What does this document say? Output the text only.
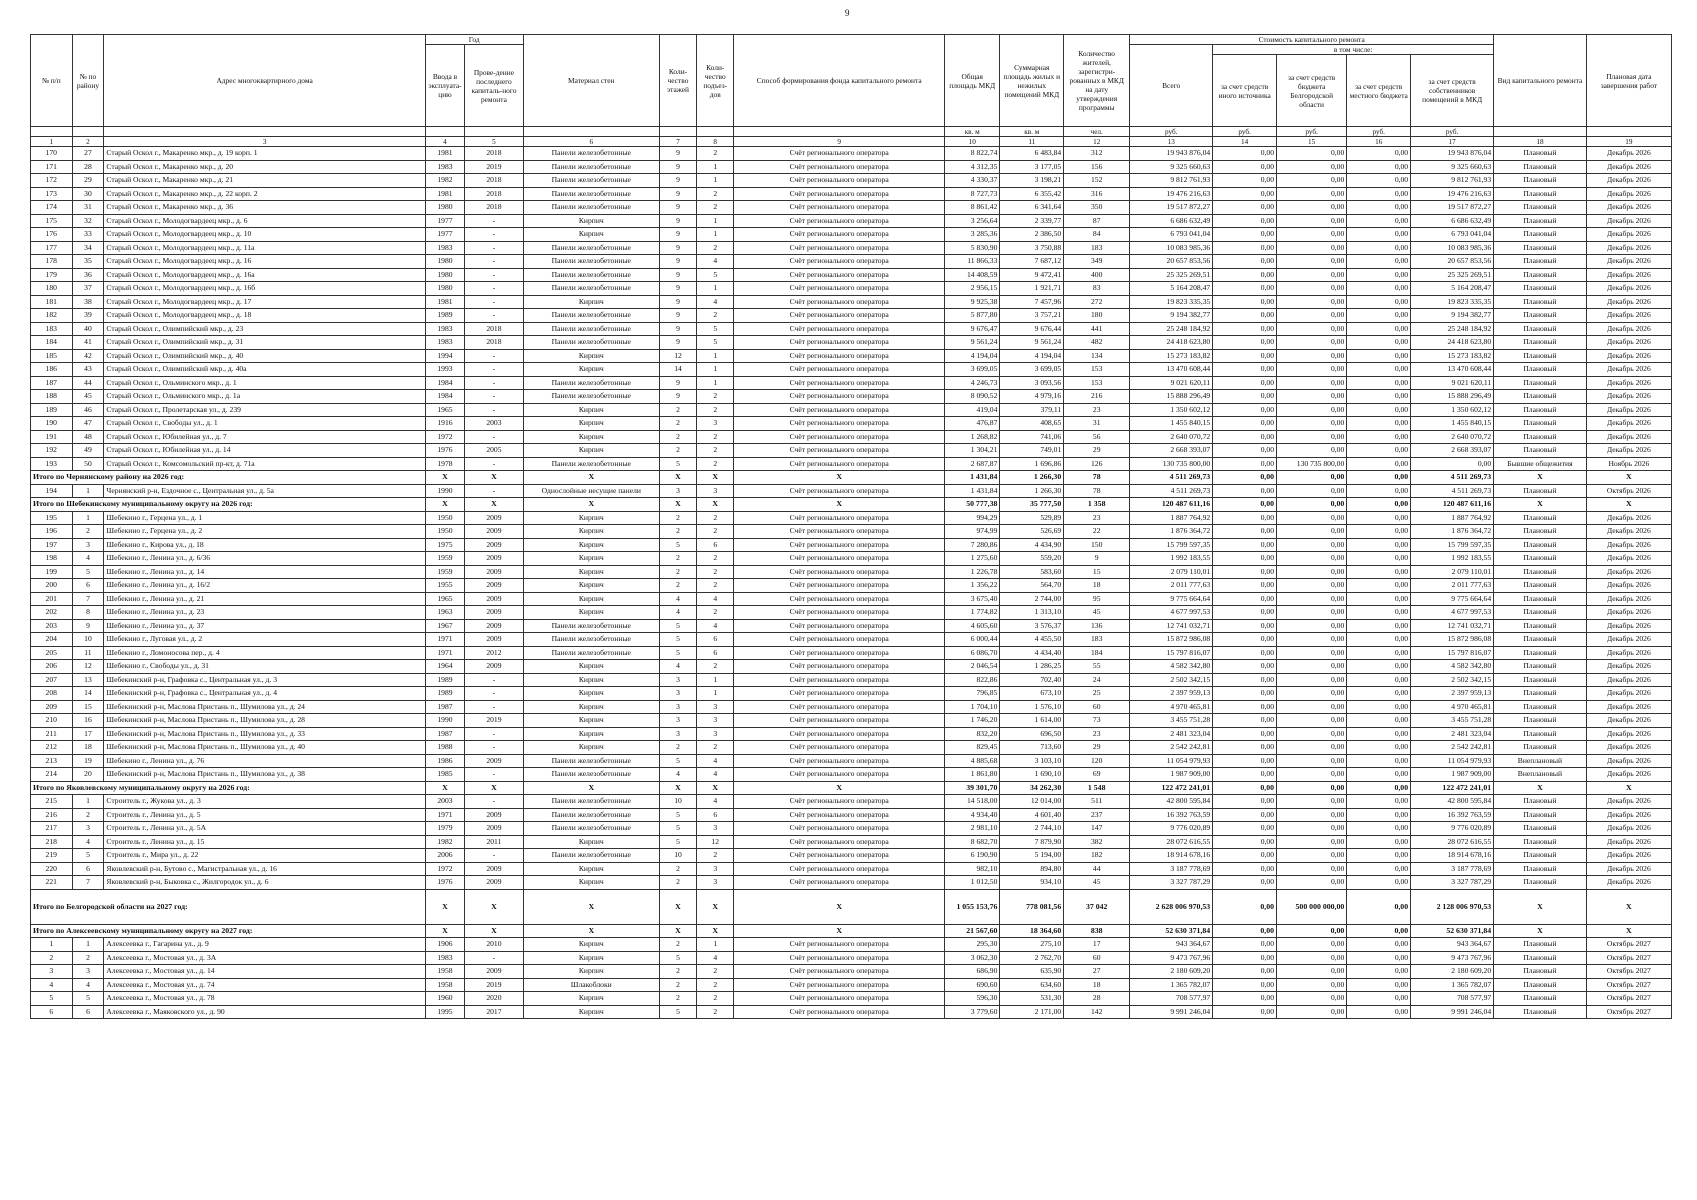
9
№ п/п	№ по району	Адрес многоквартирного дома	Год		Материал стен	Коли-чество этажей	Коли-чество подъез-дов	Способ формирования фонда капитального ремонта	Общая площадь МКД	Суммарная площадь жилых и нежилых помещений МКД	Количество жителей, зарегистри-рованных в МКД на дату утверждения программы	Стоимость капитального ремонта					Вид капитального ремонта	Плановая дата завершения работ
			Ввода в эксплуата-цию	Прове-дение последнего капиталь-ного ремонта								Всего	в том числе:					
													за счет средств иного источника	за счет средств бюджета Белгородской области	за счет средств местного бюджета	за счет средств собственников помещений в МКД		
									кв. м	кв. м	чел.	руб.	руб.	руб.	руб.	руб.		
1	2	3	4	5	6	7	8	9	10	11	12	13	14	15	16	17	18	19
170	27	Старый Оскол г., Макаренко мкр., д. 19 корп. 1	1981	2018	Панели железобетонные	9	2	Счёт регионального оператора	8 822,74	6 483,84	312	19 943 876,04	0,00	0,00	0,00	19 943 876,04	Плановый	Декабрь 2026
171	28	Старый Оскол г., Макаренко мкр., д. 20	1983	2019	Панели железобетонные	9	1	Счёт регионального оператора	4 312,35	3 177,05	156	9 325 660,63	0,00	0,00	0,00	9 325 660,63	Плановый	Декабрь 2026
172	29	Старый Оскол г., Макаренко мкр., д. 21	1982	2018	Панели железобетонные	9	1	Счёт регионального оператора	4 330,37	3 198,21	152	9 812 761,93	0,00	0,00	0,00	9 812 761,93	Плановый	Декабрь 2026
173	30	Старый Оскол г., Макаренко мкр., д. 22 корп. 2	1981	2018	Панели железобетонные	9	2	Счёт регионального оператора	8 727,73	6 355,42	316	19 476 216,63	0,00	0,00	0,00	19 476 216,63	Плановый	Декабрь 2026
174	31	Старый Оскол г., Макаренко мкр., д. 36	1980	2018	Панели железобетонные	9	2	Счёт регионального оператора	8 861,42	6 341,64	350	19 517 872,27	0,00	0,00	0,00	19 517 872,27	Плановый	Декабрь 2026
175	32	Старый Оскол г., Молодогвардеец мкр., д. 6	1977	-	Кирпич	9	1	Счёт регионального оператора	3 256,64	2 339,77	87	6 686 632,49	0,00	0,00	0,00	6 686 632,49	Плановый	Декабрь 2026
176	33	Старый Оскол г., Молодогвардеец мкр., д. 10	1977	-	Кирпич	9	1	Счёт регионального оператора	3 285,36	2 386,50	84	6 793 041,04	0,00	0,00	0,00	6 793 041,04	Плановый	Декабрь 2026
177	34	Старый Оскол г., Молодогвардеец мкр., д. 11а	1983	-	Панели железобетонные	9	2	Счёт регионального оператора	5 830,90	3 750,88	183	10 083 985,36	0,00	0,00	0,00	10 083 985,36	Плановый	Декабрь 2026
178	35	Старый Оскол г., Молодогвардеец мкр., д. 16	1980	-	Панели железобетонные	9	4	Счёт регионального оператора	11 866,33	7 687,12	349	20 657 853,56	0,00	0,00	0,00	20 657 853,56	Плановый	Декабрь 2026
179	36	Старый Оскол г., Молодогвардеец мкр., д. 16а	1980	-	Панели железобетонные	9	5	Счёт регионального оператора	14 408,59	9 472,41	400	25 325 269,51	0,00	0,00	0,00	25 325 269,51	Плановый	Декабрь 2026
180	37	Старый Оскол г., Молодогвардеец мкр., д. 16б	1980	-	Панели железобетонные	9	1	Счёт регионального оператора	2 956,15	1 921,71	83	5 164 208,47	0,00	0,00	0,00	5 164 208,47	Плановый	Декабрь 2026
181	38	Старый Оскол г., Молодогвардеец мкр., д. 17	1981	-	Кирпич	9	4	Счёт регионального оператора	9 925,38	7 457,96	272	19 823 335,35	0,00	0,00	0,00	19 823 335,35	Плановый	Декабрь 2026
182	39	Старый Оскол г., Молодогвардеец мкр., д. 18	1989	-	Панели железобетонные	9	2	Счёт регионального оператора	5 877,80	3 757,21	180	9 194 382,77	0,00	0,00	0,00	9 194 382,77	Плановый	Декабрь 2026
183	40	Старый Оскол г., Олимпийский мкр., д. 23	1983	2018	Панели железобетонные	9	5	Счёт регионального оператора	9 676,47	9 676,44	441	25 248 184,92	0,00	0,00	0,00	25 248 184,92	Плановый	Декабрь 2026
184	41	Старый Оскол г., Олимпийский мкр., д. 31	1983	2018	Панели железобетонные	9	5	Счёт регионального оператора	9 561,24	9 561,24	482	24 418 623,80	0,00	0,00	0,00	24 418 623,80	Плановый	Декабрь 2026
185	42	Старый Оскол г., Олимпийский мкр., д. 40	1994	-	Кирпич	12	1	Счёт регионального оператора	4 194,04	4 194,04	134	15 273 183,82	0,00	0,00	0,00	15 273 183,82	Плановый	Декабрь 2026
186	43	Старый Оскол г., Олимпийский мкр., д. 40а	1993	-	Кирпич	14	1	Счёт регионального оператора	3 699,05	3 699,05	153	13 470 608,44	0,00	0,00	0,00	13 470 608,44	Плановый	Декабрь 2026
187	44	Старый Оскол г., Ольминского мкр., д. 1	1984	-	Панели железобетонные	9	1	Счёт регионального оператора	4 246,73	3 093,56	153	9 021 620,11	0,00	0,00	0,00	9 021 620,11	Плановый	Декабрь 2026
188	45	Старый Оскол г., Ольминского мкр., д. 1а	1984	-	Панели железобетонные	9	2	Счёт регионального оператора	8 090,52	4 979,16	216	15 888 296,49	0,00	0,00	0,00	15 888 296,49	Плановый	Декабрь 2026
189	46	Старый Оскол г., Пролетарская ул., д. 239	1965	-	Кирпич	2	2	Счёт регионального оператора	419,04	379,11	23	1 350 602,12	0,00	0,00	0,00	1 350 602,12	Плановый	Декабрь 2026
190	47	Старый Оскол г., Свободы ул., д. 1	1916	2003	Кирпич	2	3	Счёт регионального оператора	476,87	408,65	31	1 455 840,15	0,00	0,00	0,00	1 455 840,15	Плановый	Декабрь 2026
191	48	Старый Оскол г., Юбилейная ул., д. 7	1972	-	Кирпич	2	2	Счёт регионального оператора	1 268,82	741,06	56	2 640 070,72	0,00	0,00	0,00	2 640 070,72	Плановый	Декабрь 2026
192	49	Старый Оскол г., Юбилейная ул., д. 14	1976	2005	Кирпич	2	2	Счёт регионального оператора	1 304,21	749,01	29	2 668 393,07	0,00	0,00	0,00	2 668 393,07	Плановый	Декабрь 2026
193	50	Старый Оскол г., Комсомольский пр-кт, д. 71а	1978	-	Панели железобетонные	5	2	Счёт регионального оператора	2 687,87	1 696,86	126	130 735 800,00	0,00	130 735 800,00	0,00	0,00	Бывшие общежития	Ноябрь 2026
Итого по Чернянскому району на 2026 год:			X	X	X	X	X	X	1 431,84	1 266,30	78	4 511 269,73	0,00	0,00	0,00	4 511 269,73	X	X
194	1	Чернянский р-н, Ездочное с., Центральная ул., д. 5а	1990	-	Однослойные несущие панели	3	3	Счёт регионального оператора	1 431,84	1 266,30	78	4 511 269,73	0,00	0,00	0,00	4 511 269,73	Плановый	Октябрь 2026
Итого по Шебекинскому муниципальному округу на 2026 год:			X	X	X	X	X	X	50 777,38	35 777,50	1 358	120 487 611,16	0,00	0,00	0,00	120 487 611,16	X	X
195	1	Шебекино г., Герцена ул., д. 1	1950	2009	Кирпич	2	2	Счёт регионального оператора	994,29	529,89	23	1 887 764,92	0,00	0,00	0,00	1 887 764,92	Плановый	Декабрь 2026
196	2	Шебекино г., Герцена ул., д. 2	1950	2009	Кирпич	2	2	Счёт регионального оператора	974,99	526,69	22	1 876 364,72	0,00	0,00	0,00	1 876 364,72	Плановый	Декабрь 2026
197	3	Шебекино г., Кирова ул., д. 18	1975	2009	Кирпич	5	6	Счёт регионального оператора	7 280,86	4 434,90	150	15 799 597,35	0,00	0,00	0,00	15 799 597,35	Плановый	Декабрь 2026
198	4	Шебекино г., Ленина ул., д. 6/36	1959	2009	Кирпич	2	2	Счёт регионального оператора	1 275,60	559,20	9	1 992 183,55	0,00	0,00	0,00	1 992 183,55	Плановый	Декабрь 2026
199	5	Шебекино г., Ленина ул., д. 14	1959	2009	Кирпич	2	2	Счёт регионального оператора	1 226,78	583,60	15	2 079 110,01	0,00	0,00	0,00	2 079 110,01	Плановый	Декабрь 2026
200	6	Шебекино г., Ленина ул., д. 16/2	1955	2009	Кирпич	2	2	Счёт регионального оператора	1 356,22	564,70	18	2 011 777,63	0,00	0,00	0,00	2 011 777,63	Плановый	Декабрь 2026
201	7	Шебекино г., Ленина ул., д. 21	1965	2009	Кирпич	4	4	Счёт регионального оператора	3 675,40	2 744,00	95	9 775 664,64	0,00	0,00	0,00	9 775 664,64	Плановый	Декабрь 2026
202	8	Шебекино г., Ленина ул., д. 23	1963	2009	Кирпич	4	2	Счёт регионального оператора	1 774,82	1 313,10	45	4 677 997,53	0,00	0,00	0,00	4 677 997,53	Плановый	Декабрь 2026
203	9	Шебекино г., Ленина ул., д. 37	1967	2009	Панели железобетонные	5	4	Счёт регионального оператора	4 605,60	3 576,37	136	12 741 032,71	0,00	0,00	0,00	12 741 032,71	Плановый	Декабрь 2026
204	10	Шебекино г., Луговая ул., д. 2	1971	2009	Панели железобетонные	5	6	Счёт регионального оператора	6 000,44	4 455,50	183	15 872 986,08	0,00	0,00	0,00	15 872 986,08	Плановый	Декабрь 2026
205	11	Шебекино г., Ломоносова пер., д. 4	1971	2012	Панели железобетонные	5	6	Счёт регионального оператора	6 086,70	4 434,40	184	15 797 816,07	0,00	0,00	0,00	15 797 816,07	Плановый	Декабрь 2026
206	12	Шебекино г., Свободы ул., д. 31	1964	2009	Кирпич	4	2	Счёт регионального оператора	2 046,54	1 286,25	55	4 582 342,80	0,00	0,00	0,00	4 582 342,80	Плановый	Декабрь 2026
207	13	Шебекинский р-н, Графовка с., Центральная ул., д. 3	1989	-	Кирпич	3	1	Счёт регионального оператора	822,86	702,40	24	2 502 342,15	0,00	0,00	0,00	2 502 342,15	Плановый	Декабрь 2026
208	14	Шебекинский р-н, Графовка с., Центральная ул., д. 4	1989	-	Кирпич	3	1	Счёт регионального оператора	796,85	673,10	25	2 397 959,13	0,00	0,00	0,00	2 397 959,13	Плановый	Декабрь 2026
209	15	Шебекинский р-н, Маслова Пристань п., Шумилова ул., д. 24	1987	-	Кирпич	3	3	Счёт регионального оператора	1 704,10	1 576,10	60	4 970 465,81	0,00	0,00	0,00	4 970 465,81	Плановый	Декабрь 2026
210	16	Шебекинский р-н, Маслова Пристань п., Шумилова ул., д. 28	1990	2019	Кирпич	3	3	Счёт регионального оператора	1 746,20	1 614,00	73	3 455 751,28	0,00	0,00	0,00	3 455 751,28	Плановый	Декабрь 2026
211	17	Шебекинский р-н, Маслова Пристань п., Шумилова ул., д. 33	1987	-	Кирпич	3	3	Счёт регионального оператора	832,20	696,50	23	2 481 323,04	0,00	0,00	0,00	2 481 323,04	Плановый	Декабрь 2026
212	18	Шебекинский р-н, Маслова Пристань п., Шумилова ул., д. 40	1988	-	Кирпич	2	2	Счёт регионального оператора	829,45	713,60	29	2 542 242,81	0,00	0,00	0,00	2 542 242,81	Плановый	Декабрь 2026
213	19	Шебекино г., Ленина ул., д. 76	1986	2009	Панели железобетонные	5	4	Счёт регионального оператора	4 885,68	3 103,10	120	11 054 979,93	0,00	0,00	0,00	11 054 979,93	Внеплановый	Декабрь 2026
214	20	Шебекинский р-н, Маслова Пристань п., Шумилова ул., д. 38	1985	-	Панели железобетонные	4	4	Счёт регионального оператора	1 861,80	1 690,10	69	1 987 909,00	0,00	0,00	0,00	1 987 909,00	Внеплановый	Декабрь 2026
Итого по Яковлевскому муниципальному округу на 2026 год:			X	X	X	X	X	X	39 301,70	34 262,30	1 548	122 472 241,01	0,00	0,00	0,00	122 472 241,01	X	X
215	1	Строитель г., Жукова ул., д. 3	2003	-	Панели железобетонные	10	4	Счёт регионального оператора	14 518,00	12 014,00	511	42 800 595,84	0,00	0,00	0,00	42 800 595,84	Плановый	Декабрь 2026
216	2	Строитель г., Ленина ул., д. 5	1971	2009	Панели железобетонные	5	6	Счёт регионального оператора	4 934,40	4 601,40	237	16 392 763,59	0,00	0,00	0,00	16 392 763,59	Плановый	Декабрь 2026
217	3	Строитель г., Ленина ул., д. 5А	1979	2009	Панели железобетонные	5	3	Счёт регионального оператора	2 981,10	2 744,10	147	9 776 020,89	0,00	0,00	0,00	9 776 020,89	Плановый	Декабрь 2026
218	4	Строитель г., Ленина ул., д. 15	1982	2011	Кирпич	5	12	Счёт регионального оператора	8 682,70	7 879,90	382	28 072 616,55	0,00	0,00	0,00	28 072 616,55	Плановый	Декабрь 2026
219	5	Строитель г., Мира ул., д. 22	2006	-	Панели железобетонные	10	2	Счёт регионального оператора	6 190,90	5 194,00	182	18 914 678,16	0,00	0,00	0,00	18 914 678,16	Плановый	Декабрь 2026
220	6	Яковлевский р-н, Бутово с., Магистральная ул., д. 16	1972	2009	Кирпич	2	3	Счёт регионального оператора	982,10	894,80	44	3 187 778,69	0,00	0,00	0,00	3 187 778,69	Плановый	Декабрь 2026
221	7	Яковлевский р-н, Быковка с., Жилгородок ул., д. 6	1976	2009	Кирпич	2	3	Счёт регионального оператора	1 012,50	934,10	45	3 327 787,29	0,00	0,00	0,00	3 327 787,29	Плановый	Декабрь 2026
Итого по Белгородской области на 2027 год:			X	X	X	X	X	X	1 055 153,76	778 081,56	37 042	2 628 006 970,53	0,00	500 000 000,00	0,00	2 128 006 970,53	X	X
Итого по Алексеевскому муниципальному округу на 2027 год:			X	X	X	X	X	X	21 567,60	18 364,60	838	52 630 371,84	0,00	0,00	0,00	52 630 371,84	X	X
1	1	Алексеевка г., Гагарина ул., д. 9	1906	2010	Кирпич	2	1	Счёт регионального оператора	295,30	275,10	17	943 364,67	0,00	0,00	0,00	943 364,67	Плановый	Октябрь 2027
2	2	Алексеевка г., Мостовая ул., д. 3А	1983	-	Кирпич	5	4	Счёт регионального оператора	3 062,30	2 762,70	60	9 473 767,96	0,00	0,00	0,00	9 473 767,96	Плановый	Октябрь 2027
3	3	Алексеевка г., Мостовая ул., д. 14	1958	2009	Кирпич	2	2	Счёт регионального оператора	686,90	635,90	27	2 180 609,20	0,00	0,00	0,00	2 180 609,20	Плановый	Октябрь 2027
4	4	Алексеевка г., Мостовая ул., д. 74	1958	2019	Шлакоблоки	2	2	Счёт регионального оператора	690,60	634,60	18	1 365 782,07	0,00	0,00	0,00	1 365 782,07	Плановый	Октябрь 2027
5	5	Алексеевка г., Мостовая ул., д. 78	1960	2020	Кирпич	2	2	Счёт регионального оператора	596,30	531,30	28	708 577,97	0,00	0,00	0,00	708 577,97	Плановый	Октябрь 2027
6	6	Алексеевка г., Маяковского ул., д. 90	1995	2017	Кирпич	5	2	Счёт регионального оператора	3 779,60	2 171,00	142	9 991 246,04	0,00	0,00	0,00	9 991 246,04	Плановый	Октябрь 2027
